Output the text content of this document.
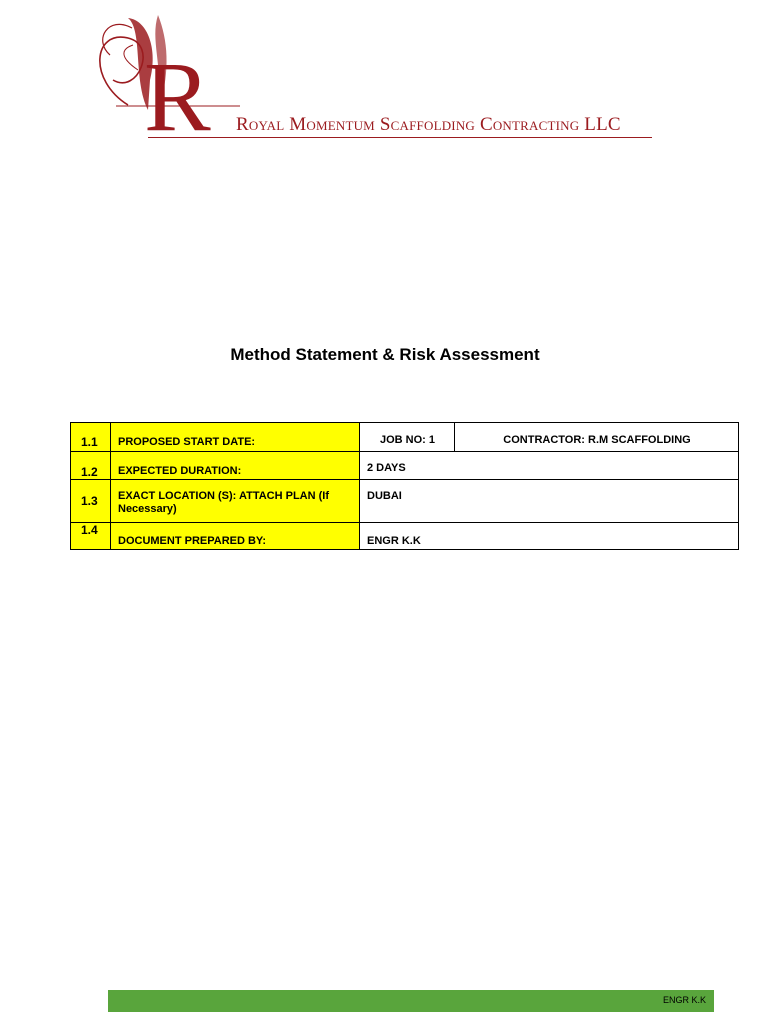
R Royal Momentum Scaffolding Contracting LLC
Method Statement & Risk Assessment
1.1	PROPOSED START DATE:	JOB NO: 1	CONTRACTOR: R.M SCAFFOLDING
1.2	EXPECTED DURATION:	2 DAYS	
1.3	EXACT LOCATION (S): ATTACH PLAN (If Necessary)	DUBAI	
1.4	DOCUMENT PREPARED BY:	ENGR K.K	
ENGR K.K
